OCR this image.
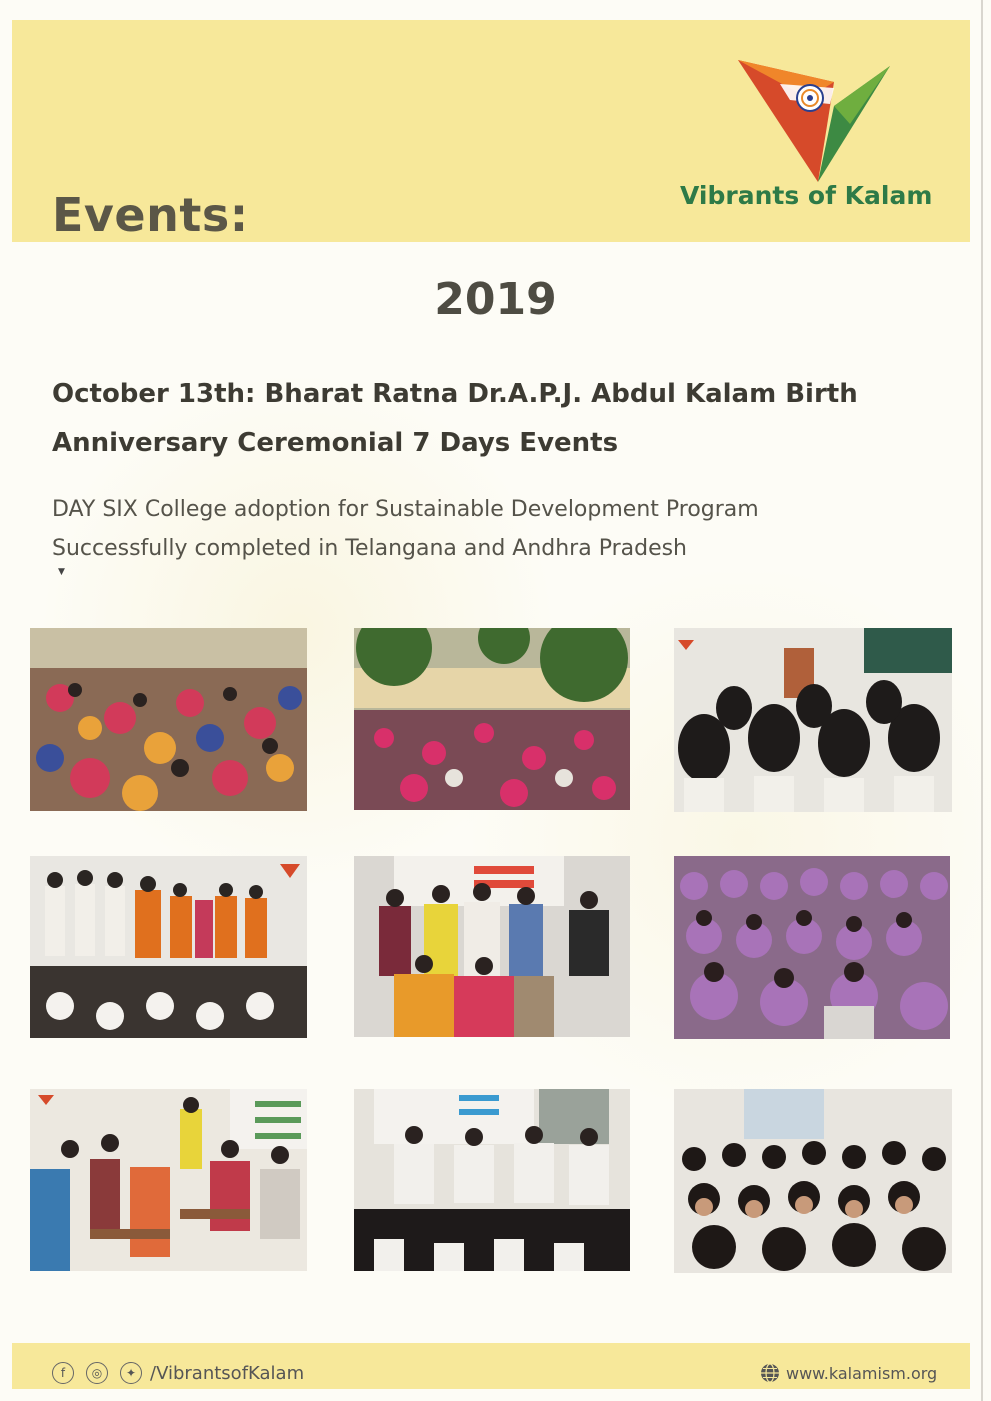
Events:	Vibrants of Kalam
2019
October 13th: Bharat Ratna Dr.A.P.J. Abdul Kalam Birth
Anniversary Ceremonial 7 Days Events
DAY SIX College adoption for Sustainable Development Program
Successfully completed in Telangana and Andhra Pradesh
▼
f	◎	✦ /VibrantsofKalam	www.kalamism.org
